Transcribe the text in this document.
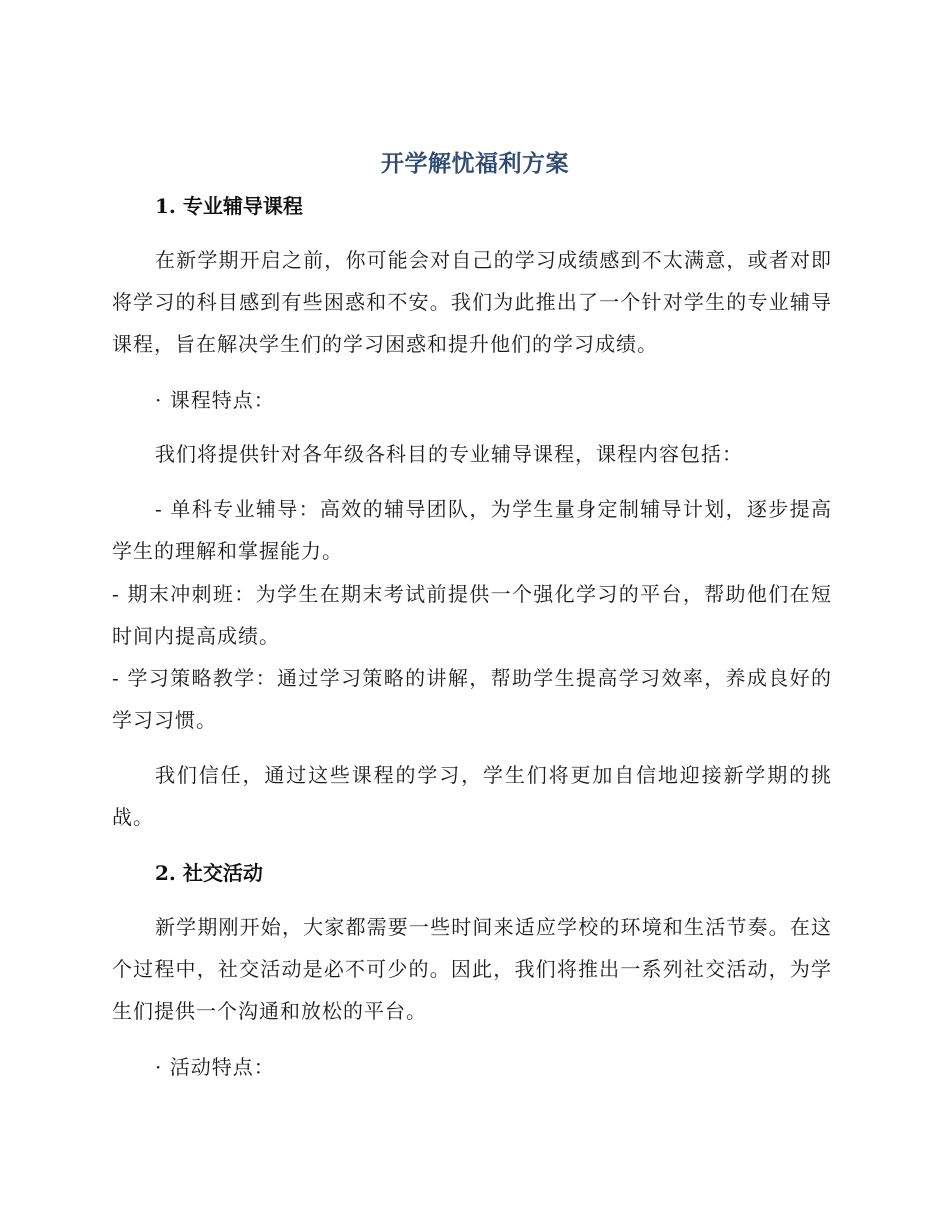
开学解忧福利方案
1. 专业辅导课程

在新学期开启之前，你可能会对自己的学习成绩感到不太满意，或者对即将学习的科目感到有些困惑和不安。我们为此推出了一个针对学生的专业辅导课程，旨在解决学生们的学习困惑和提升他们的学习成绩。

· 课程特点：

我们将提供针对各年级各科目的专业辅导课程，课程内容包括：

- 单科专业辅导：高效的辅导团队，为学生量身定制辅导计划，逐步提高学生的理解和掌握能力。

- 期末冲刺班：为学生在期末考试前提供一个强化学习的平台，帮助他们在短时间内提高成绩。

- 学习策略教学：通过学习策略的讲解，帮助学生提高学习效率，养成良好的学习习惯。

我们信任，通过这些课程的学习，学生们将更加自信地迎接新学期的挑战。

2. 社交活动

新学期刚开始，大家都需要一些时间来适应学校的环境和生活节奏。在这个过程中，社交活动是必不可少的。因此，我们将推出一系列社交活动，为学生们提供一个沟通和放松的平台。

· 活动特点：
